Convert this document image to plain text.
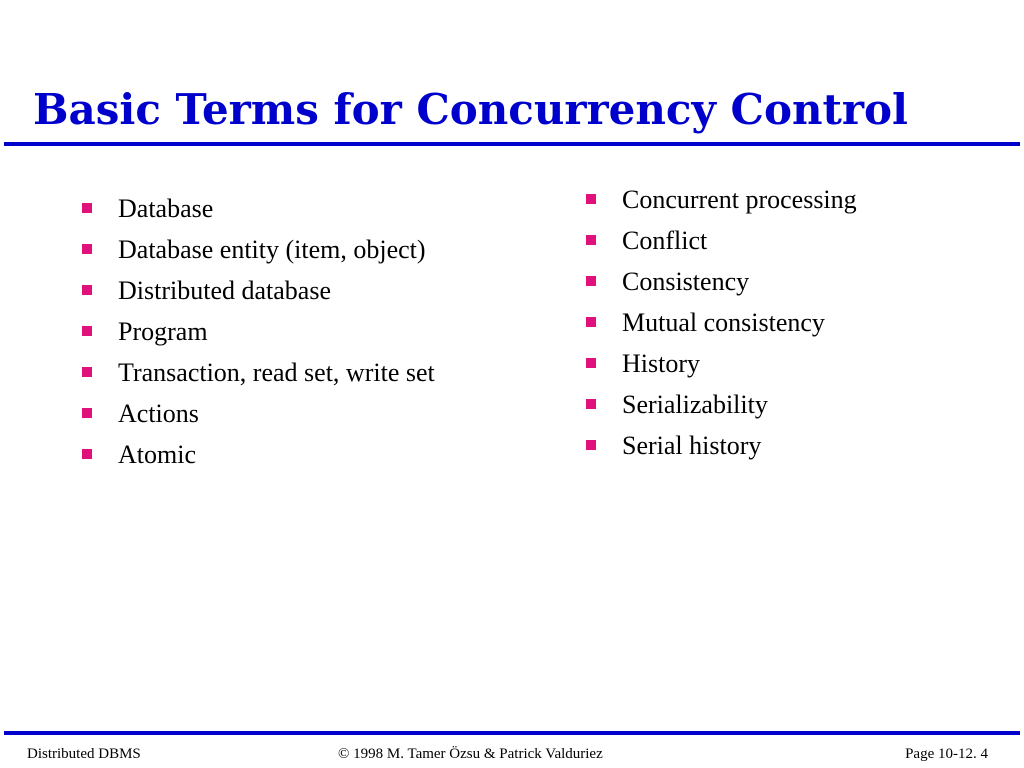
Basic Terms for Concurrency Control
Database
Database entity (item, object)
Distributed database
Program
Transaction, read set, write set
Actions
Atomic
Concurrent processing
Conflict
Consistency
Mutual consistency
History
Serializability
Serial history
Distributed DBMS	© 1998 M. Tamer Özsu & Patrick Valduriez	Page 10-12. 4
